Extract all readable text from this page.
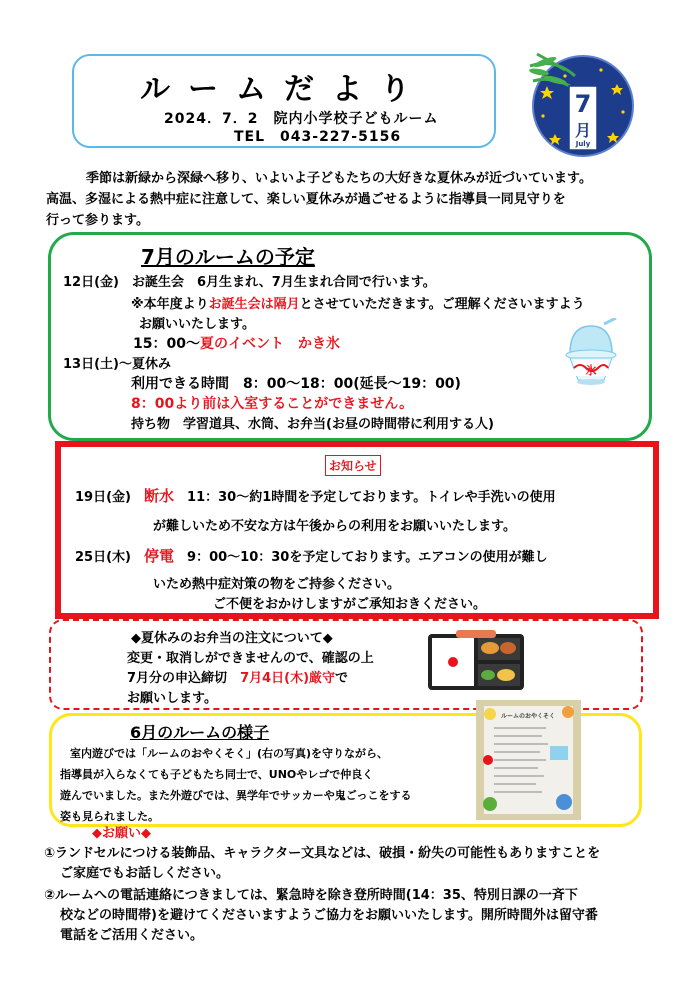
ルームだより
2024．7．2　院内小学校子どもルーム
TEL　043-227-5156
7
月
July

季節は新緑から深緑へ移り、いよいよ子どもたちの大好きな夏休みが近づいています。

高温、多湿による熱中症に注意して、楽しい夏休みが過ごせるように指導員一同見守りを

行って参ります。

7月のルームの予定
12日(金)　お誕生会　6月生まれ、7月生まれ合同で行います。
※本年度よりお誕生会は隔月とさせていただきます。ご理解くださいますよう
お願いいたします。
15：00～夏のイベント　かき氷
13日(土)～夏休み
利用できる時間　8：00～18：00(延長～19：00)
8：00より前は入室することができません。
持ち物　学習道具、水筒、お弁当(お昼の時間帯に利用する人)
氷
お知らせ
19日(金)　 断水　 11：30～約1時間を予定しております。トイレや手洗いの使用
が難しいため不安な方は午後からの利用をお願いいたします。
25日(木)　 停電　 9：00～10：30を予定しております。エアコンの使用が難し
いため熱中症対策の物をご持参ください。
ご不便をおかけしますがご承知おきください。
◆夏休みのお弁当の注文について◆
変更・取消しができませんので、確認の上
7月分の申込締切　 7月4日(木)厳守で
お願いします。
6月のルームの様子
室内遊びでは「ルームのおやくそく」(右の写真)を守りながら、
指導員が入らなくても子どもたち同士で、UNOやレゴで仲良く
遊んでいました。また外遊びでは、異学年でサッカーや鬼ごっこをする
姿も見られました。
ルームのおやくそく
◆お願い◆
①ランドセルにつける装飾品、キャラクター文具などは、破損・紛失の可能性もありますことを
ご家庭でもお話しください。
②ルームへの電話連絡につきましては、緊急時を除き登所時間(14：35、特別日課の一斉下
校などの時間帯)を避けてくださいますようご協力をお願いいたします。開所時間外は留守番
電話をご活用ください。
